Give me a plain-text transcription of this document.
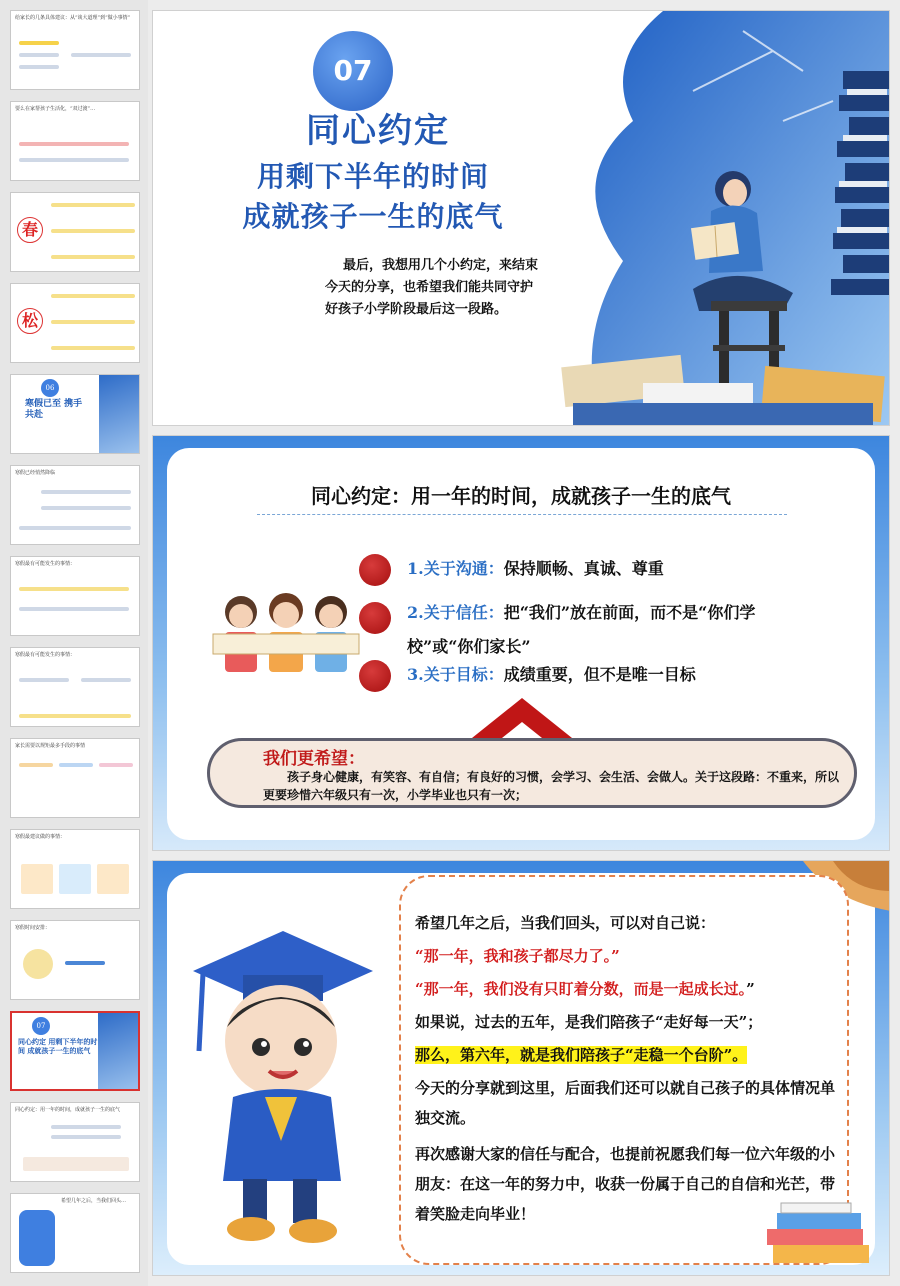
给家长的几条具体建议：从“谈大道理”到“做小事情”
要么在家帮孩子生活化，“双过渡”…
春
松
06
寒假已至 携手共赴
寒假已经悄然降临
寒假最有可能发生的事情：
寒假最有可能发生的事情：
家长需要以规矩最多手段的事情
寒假最建议做的事情：
寒假时间安排：
07
同心约定 用剩下半年的时间 成就孩子一生的底气
同心约定：用一年的时间，成就孩子一生的底气
希望几年之后，当我们回头…
07
同心约定
用剩下半年的时间
成就孩子一生的底气
最后，我想用几个小约定，来结束今天的分享，也希望我们能共同守护好孩子小学阶段最后这一段路。
同心约定：用一年的时间，成就孩子一生的底气
1.关于沟通：保持顺畅、真诚、尊重
2.关于信任：把“我们”放在前面，而不是“你们学校”或“你们家长”
3.关于目标：成绩重要，但不是唯一目标
我们更希望：
孩子身心健康，有笑容、有自信；有良好的习惯，会学习、会生活、会做人。关于这段路：不重来，所以更要珍惜六年级只有一次，小学毕业也只有一次；
希望几年之后，当我们回头，可以对自己说：
“那一年，我和孩子都尽力了。”
“那一年，我们没有只盯着分数，而是一起成长过。”
如果说，过去的五年，是我们陪孩子“走好每一天”；
那么，第六年，就是我们陪孩子“走稳一个台阶”。
今天的分享就到这里，后面我们还可以就自己孩子的具体情况单独交流。
再次感谢大家的信任与配合，也提前祝愿我们每一位六年级的小朋友：在这一年的努力中，收获一份属于自己的自信和光芒，带着笑脸走向毕业！
